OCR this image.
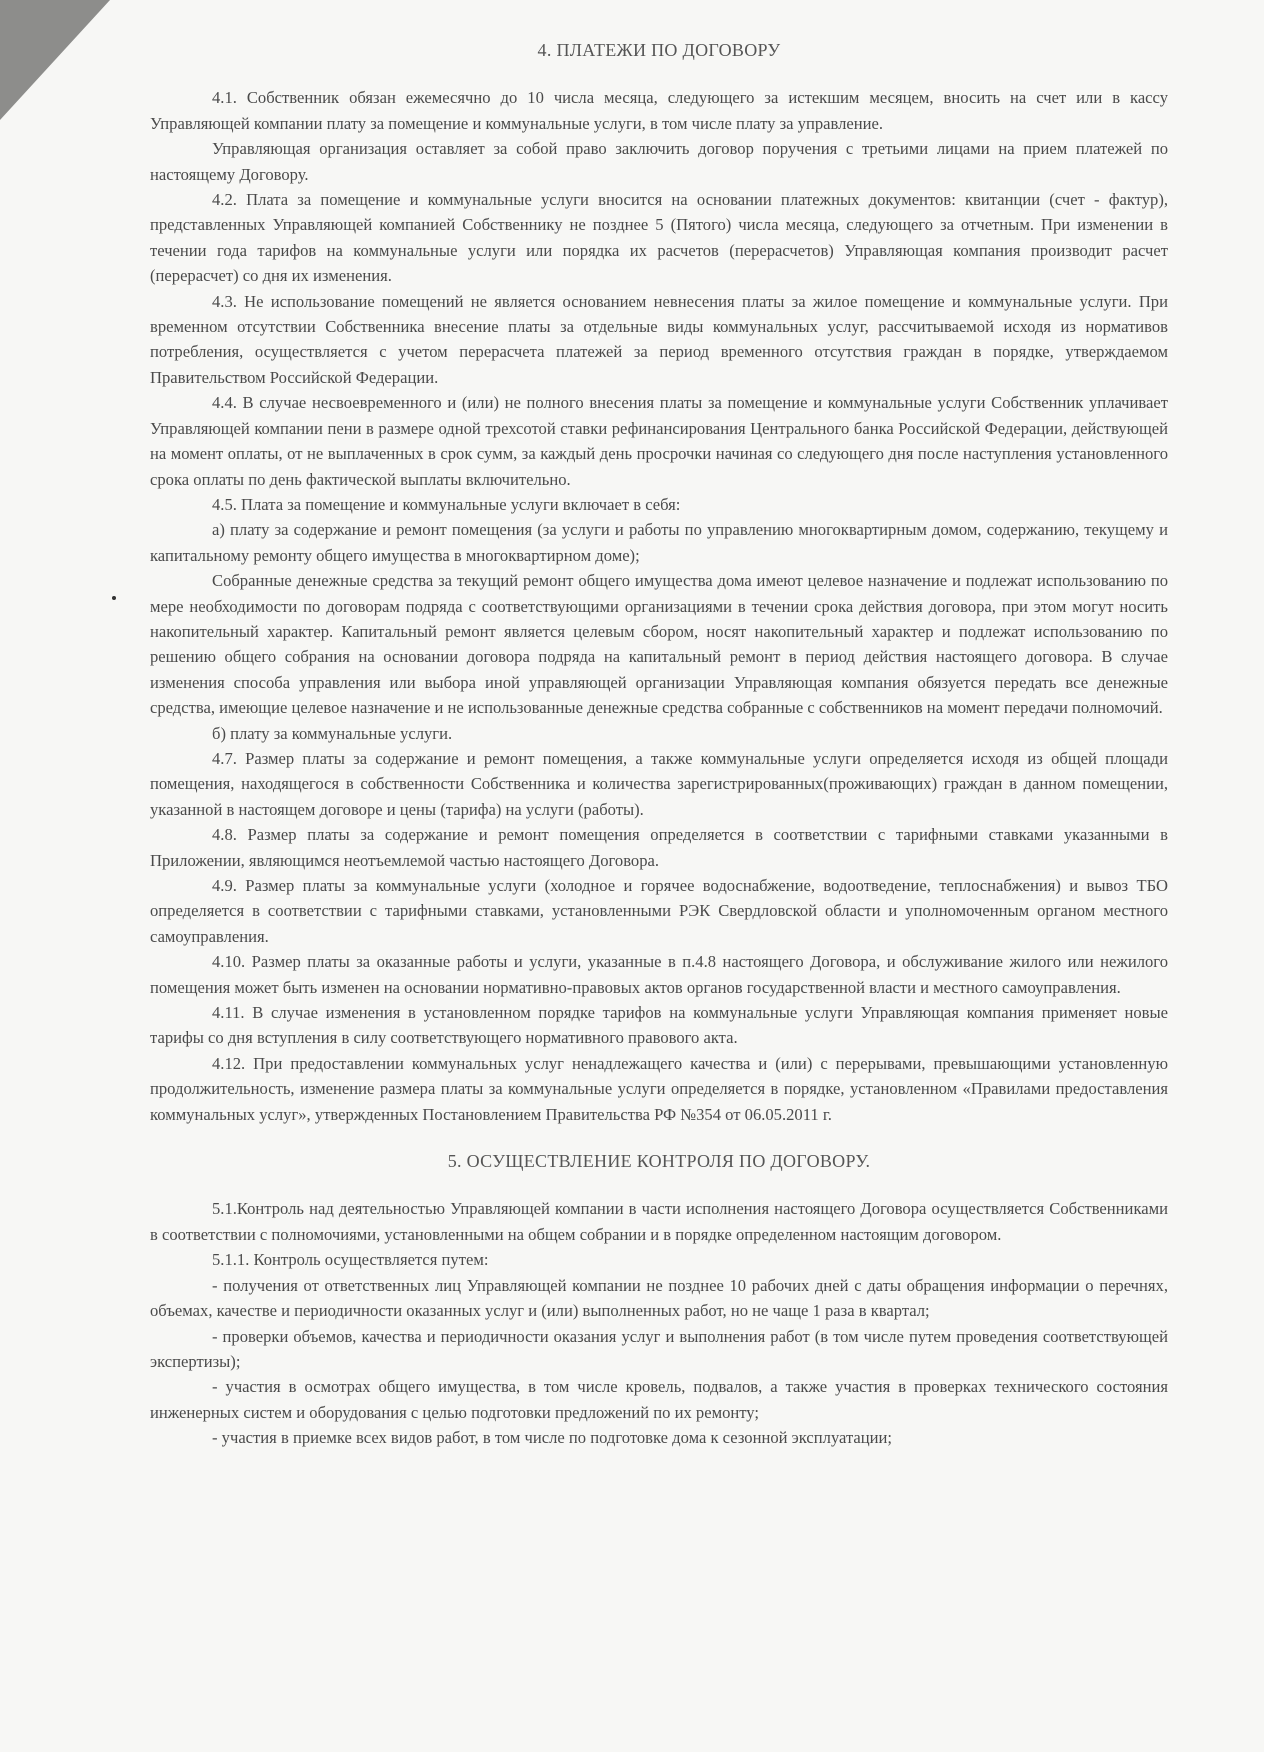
4. ПЛАТЕЖИ ПО ДОГОВОРУ

4.1. Собственник обязан ежемесячно до 10 числа месяца, следующего за истекшим месяцем, вносить на счет или в кассу Управляющей компании плату за помещение и коммунальные услуги, в том числе плату за управление.

Управляющая организация оставляет за собой право заключить договор поручения с третьими лицами на прием платежей по настоящему Договору.

4.2. Плата за помещение и коммунальные услуги вносится на основании платежных документов: квитанции (счет - фактур), представленных Управляющей компанией Собственнику не позднее 5 (Пятого) числа месяца, следующего за отчетным. При изменении в течении года тарифов на коммунальные услуги или порядка их расчетов (перерасчетов) Управляющая компания производит расчет (перерасчет) со дня их изменения.

4.3. Не использование помещений не является основанием невнесения платы за жилое помещение и коммунальные услуги. При временном отсутствии Собственника внесение платы за отдельные виды коммунальных услуг, рассчитываемой исходя из нормативов потребления, осуществляется с учетом перерасчета платежей за период временного отсутствия граждан в порядке, утверждаемом Правительством Российской Федерации.

4.4. В случае несвоевременного и (или) не полного внесения платы за помещение и коммунальные услуги Собственник уплачивает Управляющей компании пени в размере одной трехсотой ставки рефинансирования Центрального банка Российской Федерации, действующей на момент оплаты, от не выплаченных в срок сумм, за каждый день просрочки начиная со следующего дня после наступления установленного срока оплаты по день фактической выплаты включительно.

4.5. Плата за помещение и коммунальные услуги включает в себя:

а) плату за содержание и ремонт помещения (за услуги и работы по управлению многоквартирным домом, содержанию, текущему и капитальному ремонту общего имущества в многоквартирном доме);

Собранные денежные средства за текущий ремонт общего имущества дома имеют целевое назначение и подлежат использованию по мере необходимости по договорам подряда с соответствующими организациями в течении срока действия договора, при этом могут носить накопительный характер. Капитальный ремонт является целевым сбором, носят накопительный характер и подлежат использованию по решению общего собрания на основании договора подряда на капитальный ремонт в период действия настоящего договора. В случае изменения способа управления или выбора иной управляющей организации Управляющая компания обязуется передать все денежные средства, имеющие целевое назначение и не использованные денежные средства собранные с собственников на момент передачи полномочий.

б) плату за коммунальные услуги.

4.7. Размер платы за содержание и ремонт помещения, а также коммунальные услуги определяется исходя из общей площади помещения, находящегося в собственности Собственника и количества зарегистрированных(проживающих) граждан в данном помещении, указанной в настоящем договоре и цены (тарифа) на услуги (работы).

4.8. Размер платы за содержание и ремонт помещения определяется в соответствии с тарифными ставками указанными в Приложении, являющимся неотъемлемой частью настоящего Договора.

4.9. Размер платы за коммунальные услуги (холодное и горячее водоснабжение, водоотведение, теплоснабжения) и вывоз ТБО определяется в соответствии с тарифными ставками, установленными РЭК Свердловской области и уполномоченным органом местного самоуправления.

4.10. Размер платы за оказанные работы и услуги, указанные в п.4.8 настоящего Договора, и обслуживание жилого или нежилого помещения может быть изменен на основании нормативно-правовых актов органов государственной власти и местного самоуправления.

4.11. В случае изменения в установленном порядке тарифов на коммунальные услуги Управляющая компания применяет новые тарифы со дня вступления в силу соответствующего нормативного правового акта.

4.12. При предоставлении коммунальных услуг ненадлежащего качества и (или) с перерывами, превышающими установленную продолжительность, изменение размера платы за коммунальные услуги определяется в порядке, установленном «Правилами предоставления коммунальных услуг», утвержденных Постановлением Правительства РФ №354 от 06.05.2011 г.

5. ОСУЩЕСТВЛЕНИЕ КОНТРОЛЯ ПО ДОГОВОРУ.

5.1.Контроль над деятельностью Управляющей компании в части исполнения настоящего Договора осуществляется Собственниками в соответствии с полномочиями, установленными на общем собрании и в порядке определенном настоящим договором.

5.1.1. Контроль осуществляется путем:

- получения от ответственных лиц Управляющей компании не позднее 10 рабочих дней с даты обращения информации о перечнях, объемах, качестве и периодичности оказанных услуг и (или) выполненных работ, но не чаще 1 раза в квартал;

- проверки объемов, качества и периодичности оказания услуг и выполнения работ (в том числе путем проведения соответствующей экспертизы);

- участия в осмотрах общего имущества, в том числе кровель, подвалов, а также участия в проверках технического состояния инженерных систем и оборудования с целью подготовки предложений по их ремонту;

- участия в приемке всех видов работ, в том числе по подготовке дома к сезонной эксплуатации;
